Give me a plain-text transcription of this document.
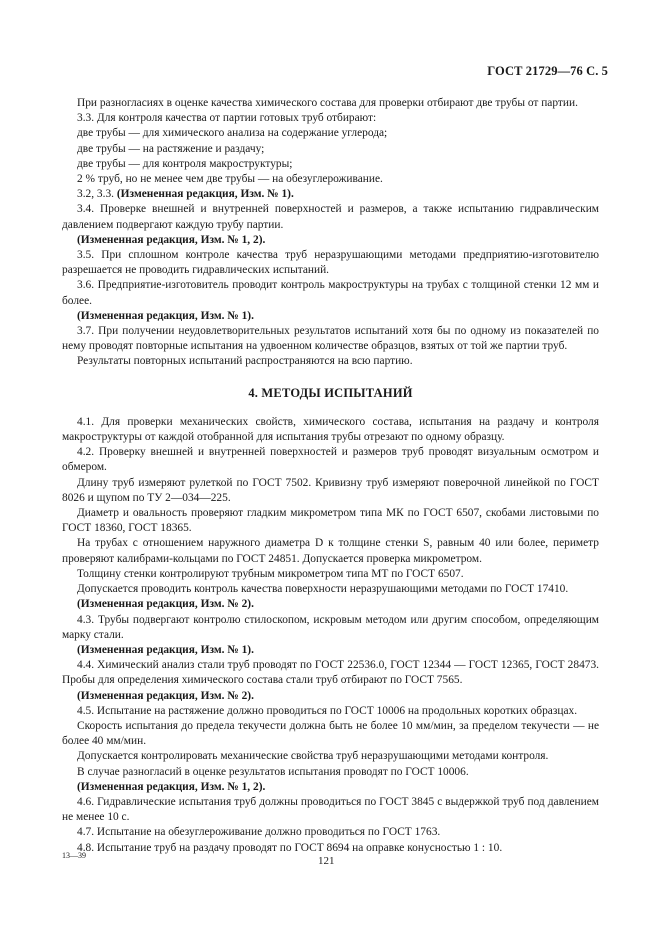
ГОСТ 21729—76 С. 5

При разногласиях в оценке качества химического состава для проверки отбирают две трубы от партии.

3.3. Для контроля качества от партии готовых труб отбирают:

две трубы — для химического анализа на содержание углерода;

две трубы — на растяжение и раздачу;

две трубы — для контроля макроструктуры;

2 % труб, но не менее чем две трубы — на обезуглероживание.

3.2, 3.3. (Измененная редакция, Изм. № 1).

3.4. Проверке внешней и внутренней поверхностей и размеров, а также испытанию гидравлическим давлением подвергают каждую трубу партии.

(Измененная редакция, Изм. № 1, 2).

3.5. При сплошном контроле качества труб неразрушающими методами предприятию-изготовителю разрешается не проводить гидравлических испытаний.

3.6. Предприятие-изготовитель проводит контроль макроструктуры на трубах с толщиной стенки 12 мм и более.

(Измененная редакция, Изм. № 1).

3.7. При получении неудовлетворительных результатов испытаний хотя бы по одному из показателей по нему проводят повторные испытания на удвоенном количестве образцов, взятых от той же партии труб.

Результаты повторных испытаний распространяются на всю партию.

4. МЕТОДЫ ИСПЫТАНИЙ

4.1. Для проверки механических свойств, химического состава, испытания на раздачу и контроля макроструктуры от каждой отобранной для испытания трубы отрезают по одному образцу.

4.2. Проверку внешней и внутренней поверхностей и размеров труб проводят визуальным осмотром и обмером.

Длину труб измеряют рулеткой по ГОСТ 7502. Кривизну труб измеряют поверочной линейкой по ГОСТ 8026 и щупом по ТУ 2—034—225.

Диаметр и овальность проверяют гладким микрометром типа МК по ГОСТ 6507, скобами листовыми по ГОСТ 18360, ГОСТ 18365.

На трубах с отношением наружного диаметра D к толщине стенки S, равным 40 или более, периметр проверяют калибрами-кольцами по ГОСТ 24851. Допускается проверка микрометром.

Толщину стенки контролируют трубным микрометром типа МТ по ГОСТ 6507.

Допускается проводить контроль качества поверхности неразрушающими методами по ГОСТ 17410.

(Измененная редакция, Изм. № 2).

4.3. Трубы подвергают контролю стилоскопом, искровым методом или другим способом, определяющим марку стали.

(Измененная редакция, Изм. № 1).

4.4. Химический анализ стали труб проводят по ГОСТ 22536.0, ГОСТ 12344 — ГОСТ 12365, ГОСТ 28473. Пробы для определения химического состава стали труб отбирают по ГОСТ 7565.

(Измененная редакция, Изм. № 2).

4.5. Испытание на растяжение должно проводиться по ГОСТ 10006 на продольных коротких образцах.

Скорость испытания до предела текучести должна быть не более 10 мм/мин, за пределом текучести — не более 40 мм/мин.

Допускается контролировать механические свойства труб неразрушающими методами контроля.

В случае разногласий в оценке результатов испытания проводят по ГОСТ 10006.

(Измененная редакция, Изм. № 1, 2).

4.6. Гидравлические испытания труб должны проводиться по ГОСТ 3845 с выдержкой труб под давлением не менее 10 с.

4.7. Испытание на обезуглероживание должно проводиться по ГОСТ 1763.

4.8. Испытание труб на раздачу проводят по ГОСТ 8694 на оправке конусностью 1 : 10.

13—39	121
